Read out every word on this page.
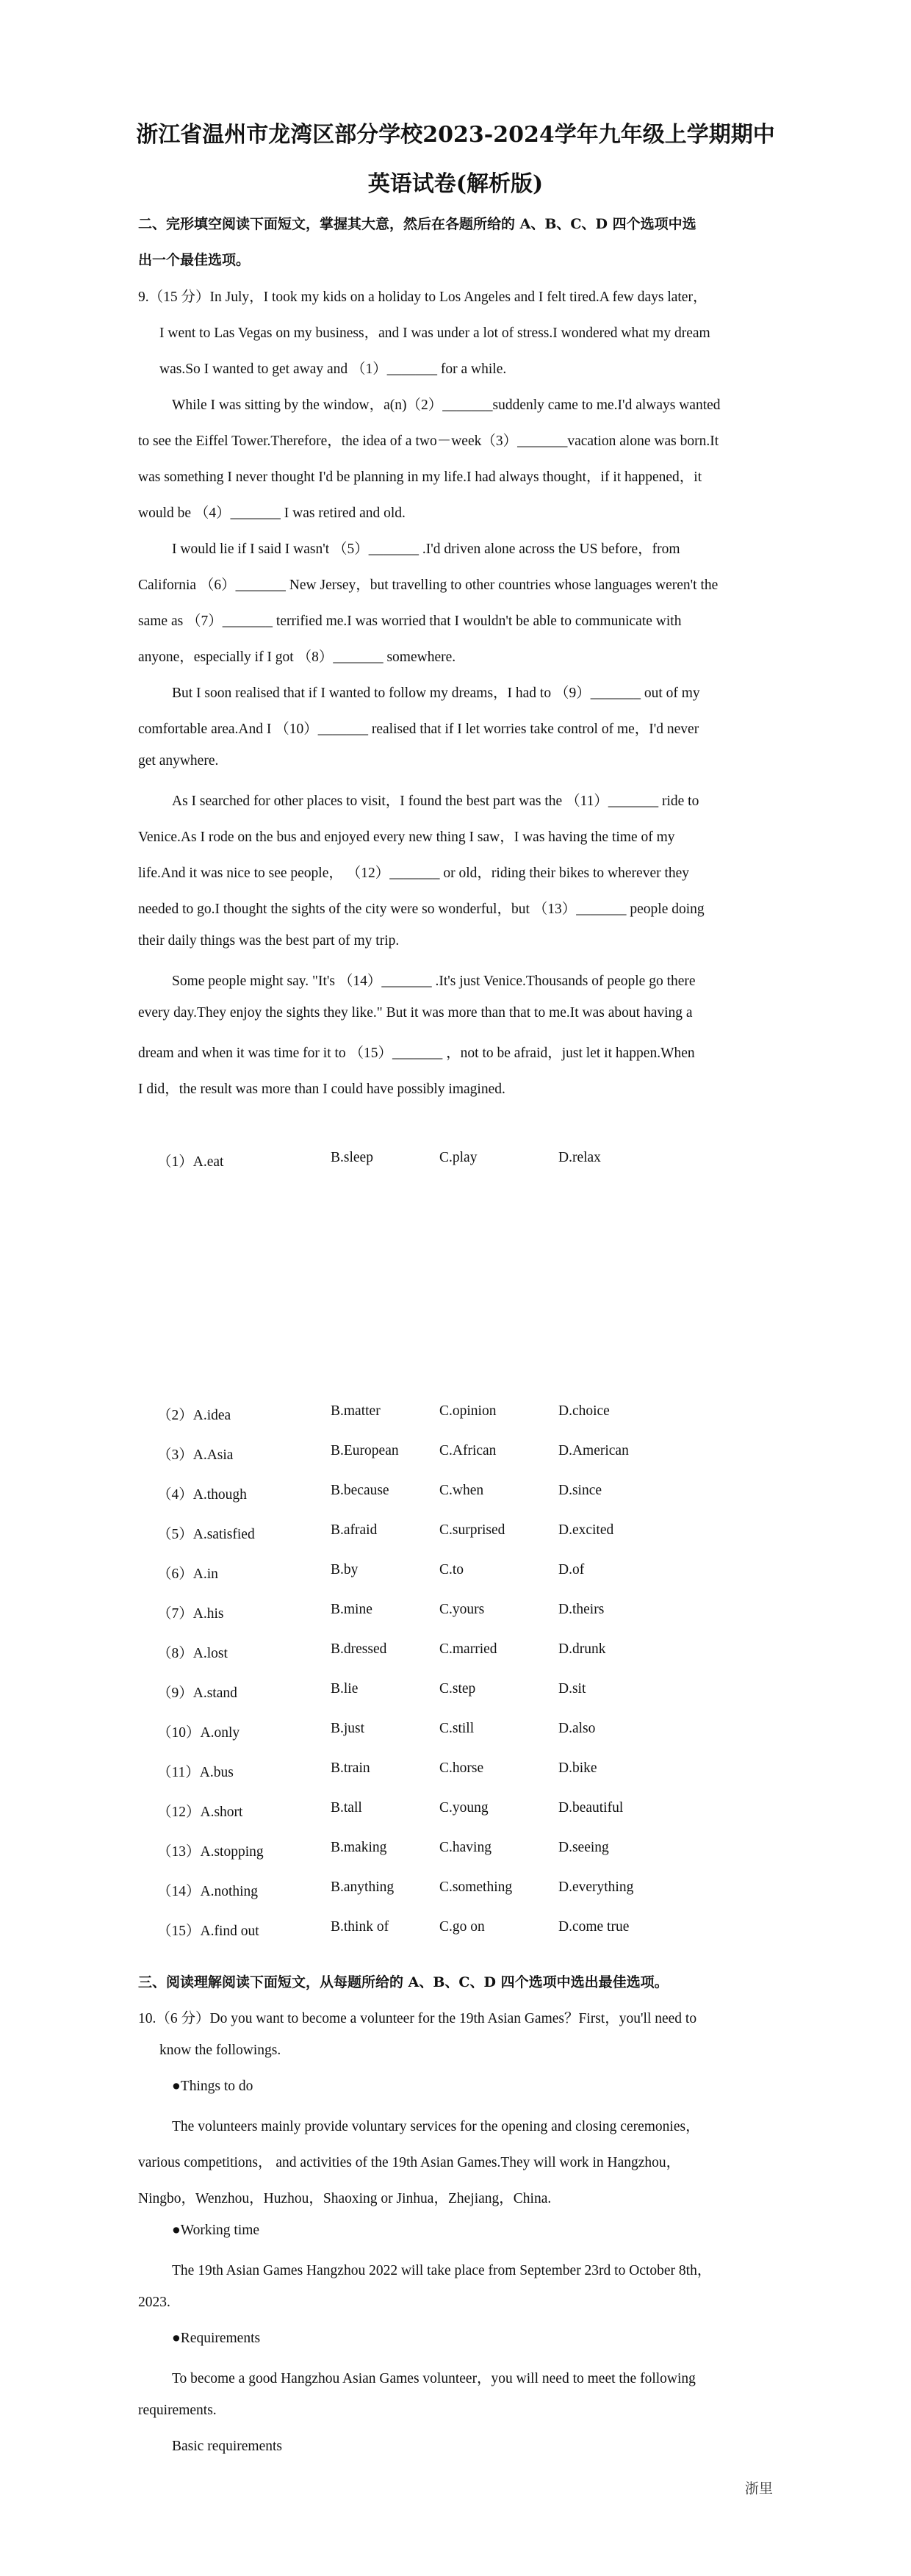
浙江省温州市龙湾区部分学校2023-2024学年九年级上学期期中
英语试卷(解析版)
二、完形填空阅读下面短文，掌握其大意，然后在各题所给的 A、B、C、D 四个选项中选
出一个最佳选项。
9.（15 分）In July，I took my kids on a holiday to Los Angeles and I felt tired.A few days later，
I went to Las Vegas on my business，and I was under a lot of stress.I wondered what my dream
was.So I wanted to get away and （1）_______ for a while.
While I was sitting by the window，a(n)（2）_______suddenly came to me.I'd always wanted
to see the Eiffel Tower.Therefore，the idea of a two－week（3）_______vacation alone was born.It
was something I never thought I'd be planning in my life.I had always thought，if it happened，it
would be （4）_______ I was retired and old.
I would lie if I said I wasn't （5）_______ .I'd driven alone across the US before，from
California （6）_______ New Jersey，but travelling to other countries whose languages weren't the
same as （7）_______ terrified me.I was worried that I wouldn't be able to communicate with
anyone，especially if I got （8）_______ somewhere.
But I soon realised that if I wanted to follow my dreams，I had to （9）_______ out of my
comfortable area.And I （10）_______ realised that if I let worries take control of me，I'd never
get anywhere.
As I searched for other places to visit，I found the best part was the （11）_______ ride to
Venice.As I rode on the bus and enjoyed every new thing I saw，I was having the time of my
life.And it was nice to see people， （12）_______ or old，riding their bikes to wherever they
needed to go.I thought the sights of the city were so wonderful，but （13）_______ people doing
their daily things was the best part of my trip.
Some people might say. "It's （14）_______ .It's just Venice.Thousands of people go there
every day.They enjoy the sights they like." But it was more than that to me.It was about having a
dream and when it was time for it to （15）_______ ，not to be afraid，just let it happen.When
I did，the result was more than I could have possibly imagined.
（1）A.eat	B.sleep	C.play	D.relax
（2）A.idea	B.matter	C.opinion	D.choice
（3）A.Asia	B.European	C.African	D.American
（4）A.though	B.because	C.when	D.since
（5）A.satisfied	B.afraid	C.surprised	D.excited
（6）A.in	B.by	C.to	D.of
（7）A.his	B.mine	C.yours	D.theirs
（8）A.lost	B.dressed	C.married	D.drunk
（9）A.stand	B.lie	C.step	D.sit
（10）A.only	B.just	C.still	D.also
（11）A.bus	B.train	C.horse	D.bike
（12）A.short	B.tall	C.young	D.beautiful
（13）A.stopping	B.making	C.having	D.seeing
（14）A.nothing	B.anything	C.something	D.everything
（15）A.find out	B.think of	C.go on	D.come true
三、阅读理解阅读下面短文，从每题所给的 A、B、C、D 四个选项中选出最佳选项。
10.（6 分）Do you want to become a volunteer for the 19th Asian Games？First，you'll need to
know the followings.
●Things to do
The volunteers mainly provide voluntary services for the opening and closing ceremonies，
various competitions， and activities of the 19th Asian Games.They will work in Hangzhou，
Ningbo，Wenzhou，Huzhou，Shaoxing or Jinhua，Zhejiang，China.
●Working time
The 19th Asian Games Hangzhou 2022 will take place from September 23rd to October 8th，
2023.
●Requirements
To become a good Hangzhou Asian Games volunteer，you will need to meet the following
requirements.
Basic requirements
浙里
